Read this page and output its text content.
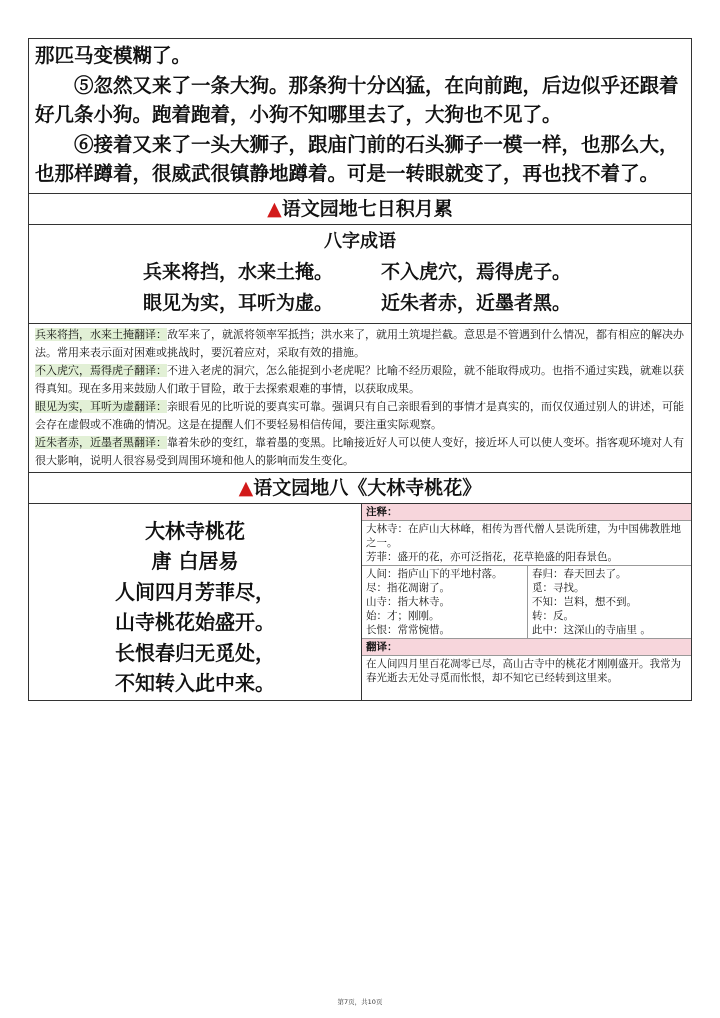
那匹马变模糊了。

⑤忽然又来了一条大狗。那条狗十分凶猛，在向前跑，后边似乎还跟着好几条小狗。跑着跑着，小狗不知哪里去了，大狗也不见了。

⑥接着又来了一头大狮子，跟庙门前的石头狮子一模一样，也那么大，也那样蹲着，很威武很镇静地蹲着。可是一转眼就变了，再也找不着了。

▲语文园地七日积月累
八字成语
兵来将挡，水来土掩。	不入虎穴，焉得虎子。
眼见为实，耳听为虚。	近朱者赤，近墨者黑。

兵来将挡，水来土掩翻译：敌军来了，就派将领率军抵挡；洪水来了，就用土筑堤拦截。意思是不管遇到什么情况，都有相应的解决办法。常用来表示面对困难或挑战时，要沉着应对，采取有效的措施。

不入虎穴，焉得虎子翻译：不进入老虎的洞穴，怎么能捉到小老虎呢？比喻不经历艰险，就不能取得成功。也指不通过实践，就难以获得真知。现在多用来鼓励人们敢于冒险，敢于去探索艰难的事情，以获取成果。

眼见为实，耳听为虚翻译：亲眼看见的比听说的要真实可靠。强调只有自己亲眼看到的事情才是真实的，而仅仅通过别人的讲述，可能会存在虚假或不准确的情况。这是在提醒人们不要轻易相信传闻，要注重实际观察。

近朱者赤，近墨者黑翻译：靠着朱砂的变红，靠着墨的变黑。比喻接近好人可以使人变好，接近坏人可以使人变坏。指客观环境对人有很大影响，说明人很容易受到周围环境和他人的影响而发生变化。

▲语文园地八《大林寺桃花》
大林寺桃花
唐 白居易
人间四月芳菲尽，
山寺桃花始盛开。
长恨春归无觅处，
不知转入此中来。
注释：

大林寺：在庐山大林峰，相传为晋代僧人昙诜所建，为中国佛教胜地之一。

芳菲：盛开的花，亦可泛指花，花草艳盛的阳春景色。

人间：指庐山下的平地村落。

尽：指花凋谢了。

山寺：指大林寺。

始：才；刚刚。

长恨：常常惋惜。

春归：春天回去了。

觅：寻找。

不知：岂料，想不到。

转：反。

此中：这深山的寺庙里 。

翻译：

在人间四月里百花凋零已尽，高山古寺中的桃花才刚刚盛开。我常为春光逝去无处寻觅而怅恨，却不知它已经转到这里来。

第7页，共10页
